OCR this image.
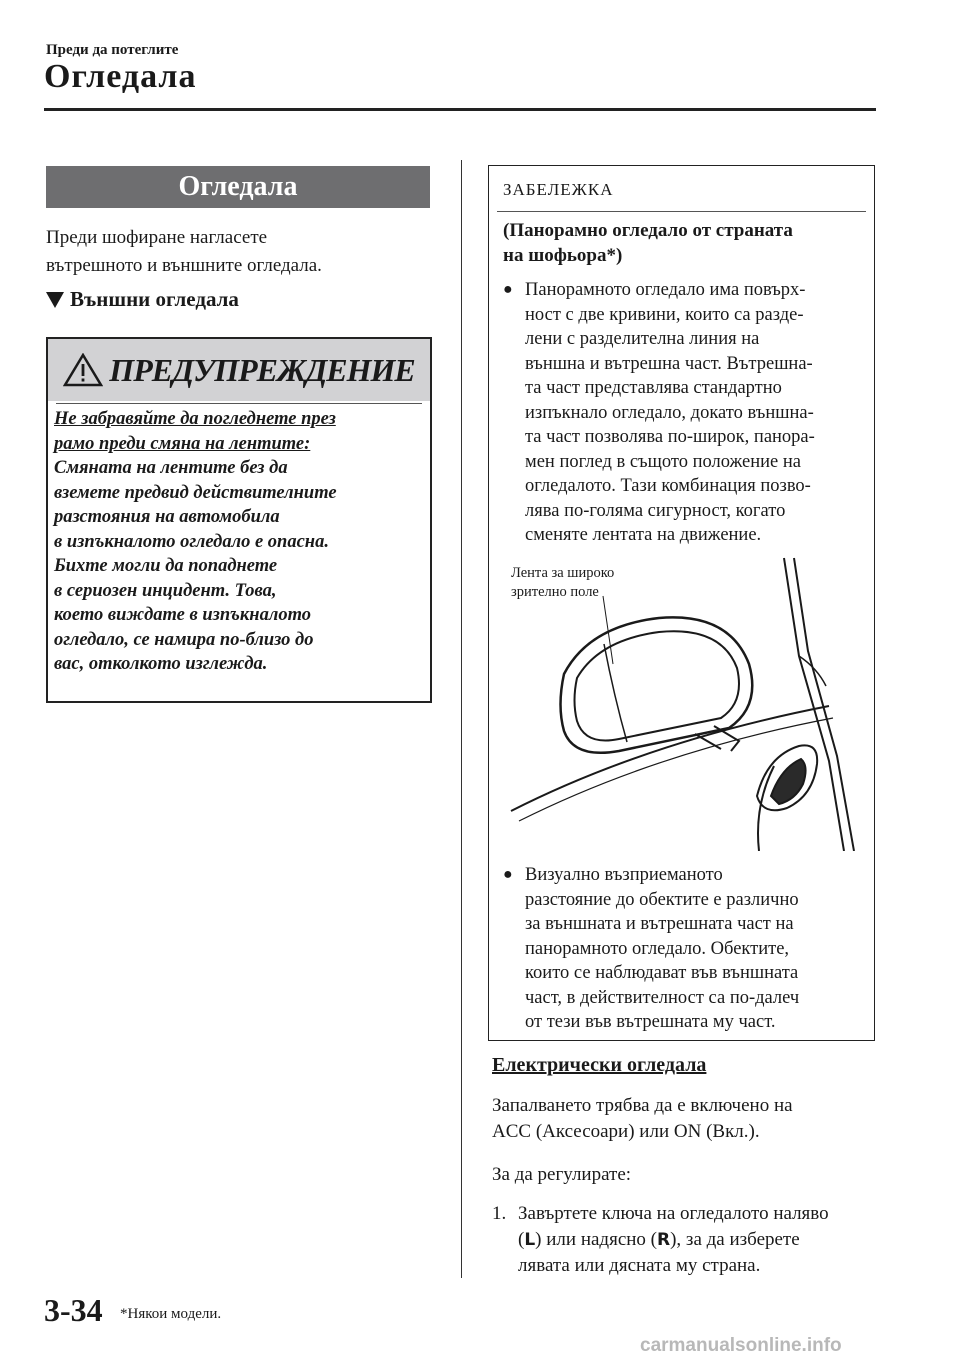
Преди да потеглите
Огледала
Огледала
Преди шофиране нагласете
вътрешното и външните огледала.
Външни огледала
ПРЕДУПРЕЖДЕНИЕ
Не забравяйте да погледнете през
рамо преди смяна на лентите:
Смяната на лентите без да
вземете предвид действителните
разстояния на автомобила
в изпъкналото огледало е опасна.
Бихте могли да попаднете
в сериозен инцидент. Това,
което виждате в изпъкналото
огледало, се намира по-близо до
вас, отколкото изглежда.
ЗАБЕЛЕЖКА
(Панорамно огледало от страната
на шофьора*)
● Панорамното огледало има повърх-
ност с две кривини, които са разде-
лени с разделителна линия на
външна и вътрешна част. Вътрешна-
та част представлява стандартно
изпъкнало огледало, докато външна-
та част позволява по-широк, панора-
мен поглед в същото положение на
огледалото. Тази комбинация позво-
лява по-голяма сигурност, когато
сменяте лентата на движение.
Лента за широко
зрително поле
● Визуално възприеманото
разстояние до обектите е различно
за външната и вътрешната част на
панорамното огледало. Обектите,
които се наблюдават във външната
част, в действителност са по-далеч
от тези във вътрешната му част.
Електрически огледала
Запалването трябва да е включено на
ACC (Аксесоари) или ON (Вкл.).
За да регулирате:
1. Завъртете ключа на огледалото наляво
(L) или надясно (R), за да изберете
лявата или дясната му страна.
3-34 *Някои модели.
carmanualsonline.info
